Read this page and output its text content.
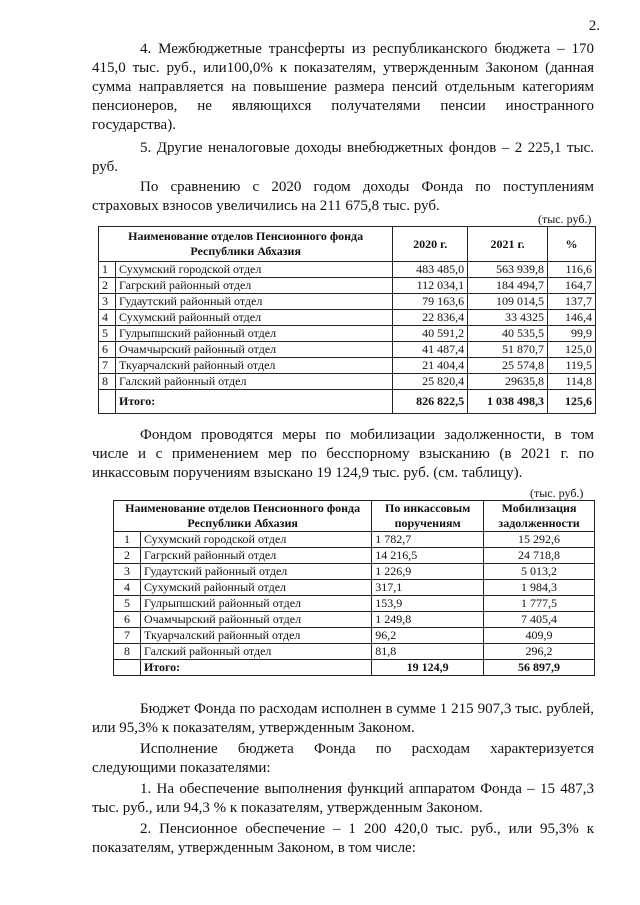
2.
4. Межбюджетные трансферты из республиканского бюджета – 170 415,0 тыс. руб., или100,0% к показателям, утвержденным Законом (данная сумма направляется на повышение размера пенсий отдельным категориям пенсионеров, не являющихся получателями пенсии иностранного государства).
5. Другие неналоговые доходы внебюджетных фондов – 2 225,1 тыс. руб.
По сравнению с 2020 годом доходы Фонда по поступлениям страховых взносов увеличились на 211 675,8 тыс. руб.
(тыс. руб.)
Наименование отделов Пенсионного фонда Республики Абхазия		2020 г.	2021 г.	%
1	Сухумский городской отдел	483 485,0	563 939,8	116,6
2	Гагрский районный отдел	112 034,1	184 494,7	164,7
3	Гудаутский районный отдел	79 163,6	109 014,5	137,7
4	Сухумский районный отдел	22 836,4	33 4325	146,4
5	Гулрыпшский районный отдел	40 591,2	40 535,5	99,9
6	Очамчырский районный отдел	41 487,4	51 870,7	125,0
7	Ткуарчалский районный отдел	21 404,4	25 574,8	119,5
8	Галский районный отдел	25 820,4	29635,8	114,8
	Итого:	826 822,5	1 038 498,3	125,6
Фондом проводятся меры по мобилизации задолженности, в том числе и с применением мер по бесспорному взысканию (в 2021 г. по инкассовым поручениям взыскано 19 124,9 тыс. руб. (см. таблицу).
(тыс. руб.)
Наименование отделов Пенсионного фонда Республики Абхазия		По инкассовым поручениям	Мобилизация задолженности
1	Сухумский городской отдел	1 782,7	15 292,6
2	Гагрский районный отдел	14 216,5	24 718,8
3	Гудаутский районный отдел	1 226,9	5 013,2
4	Сухумский районный отдел	317,1	1 984,3
5	Гулрыпшский районный отдел	153,9	1 777,5
6	Очамчырский районный отдел	1 249,8	7 405,4
7	Ткуарчалский районный отдел	96,2	409,9
8	Галский районный отдел	81,8	296,2
	Итого:	19 124,9	56 897,9
Бюджет Фонда по расходам исполнен в сумме 1 215 907,3 тыс. рублей, или 95,3% к показателям, утвержденным Законом.
Исполнение бюджета Фонда по расходам характеризуется следующими показателями:
1. На обеспечение выполнения функций аппаратом Фонда – 15 487,3 тыс. руб., или 94,3 % к показателям, утвержденным Законом.
2. Пенсионное обеспечение – 1 200 420,0 тыс. руб., или 95,3% к показателям, утвержденным Законом, в том числе:
